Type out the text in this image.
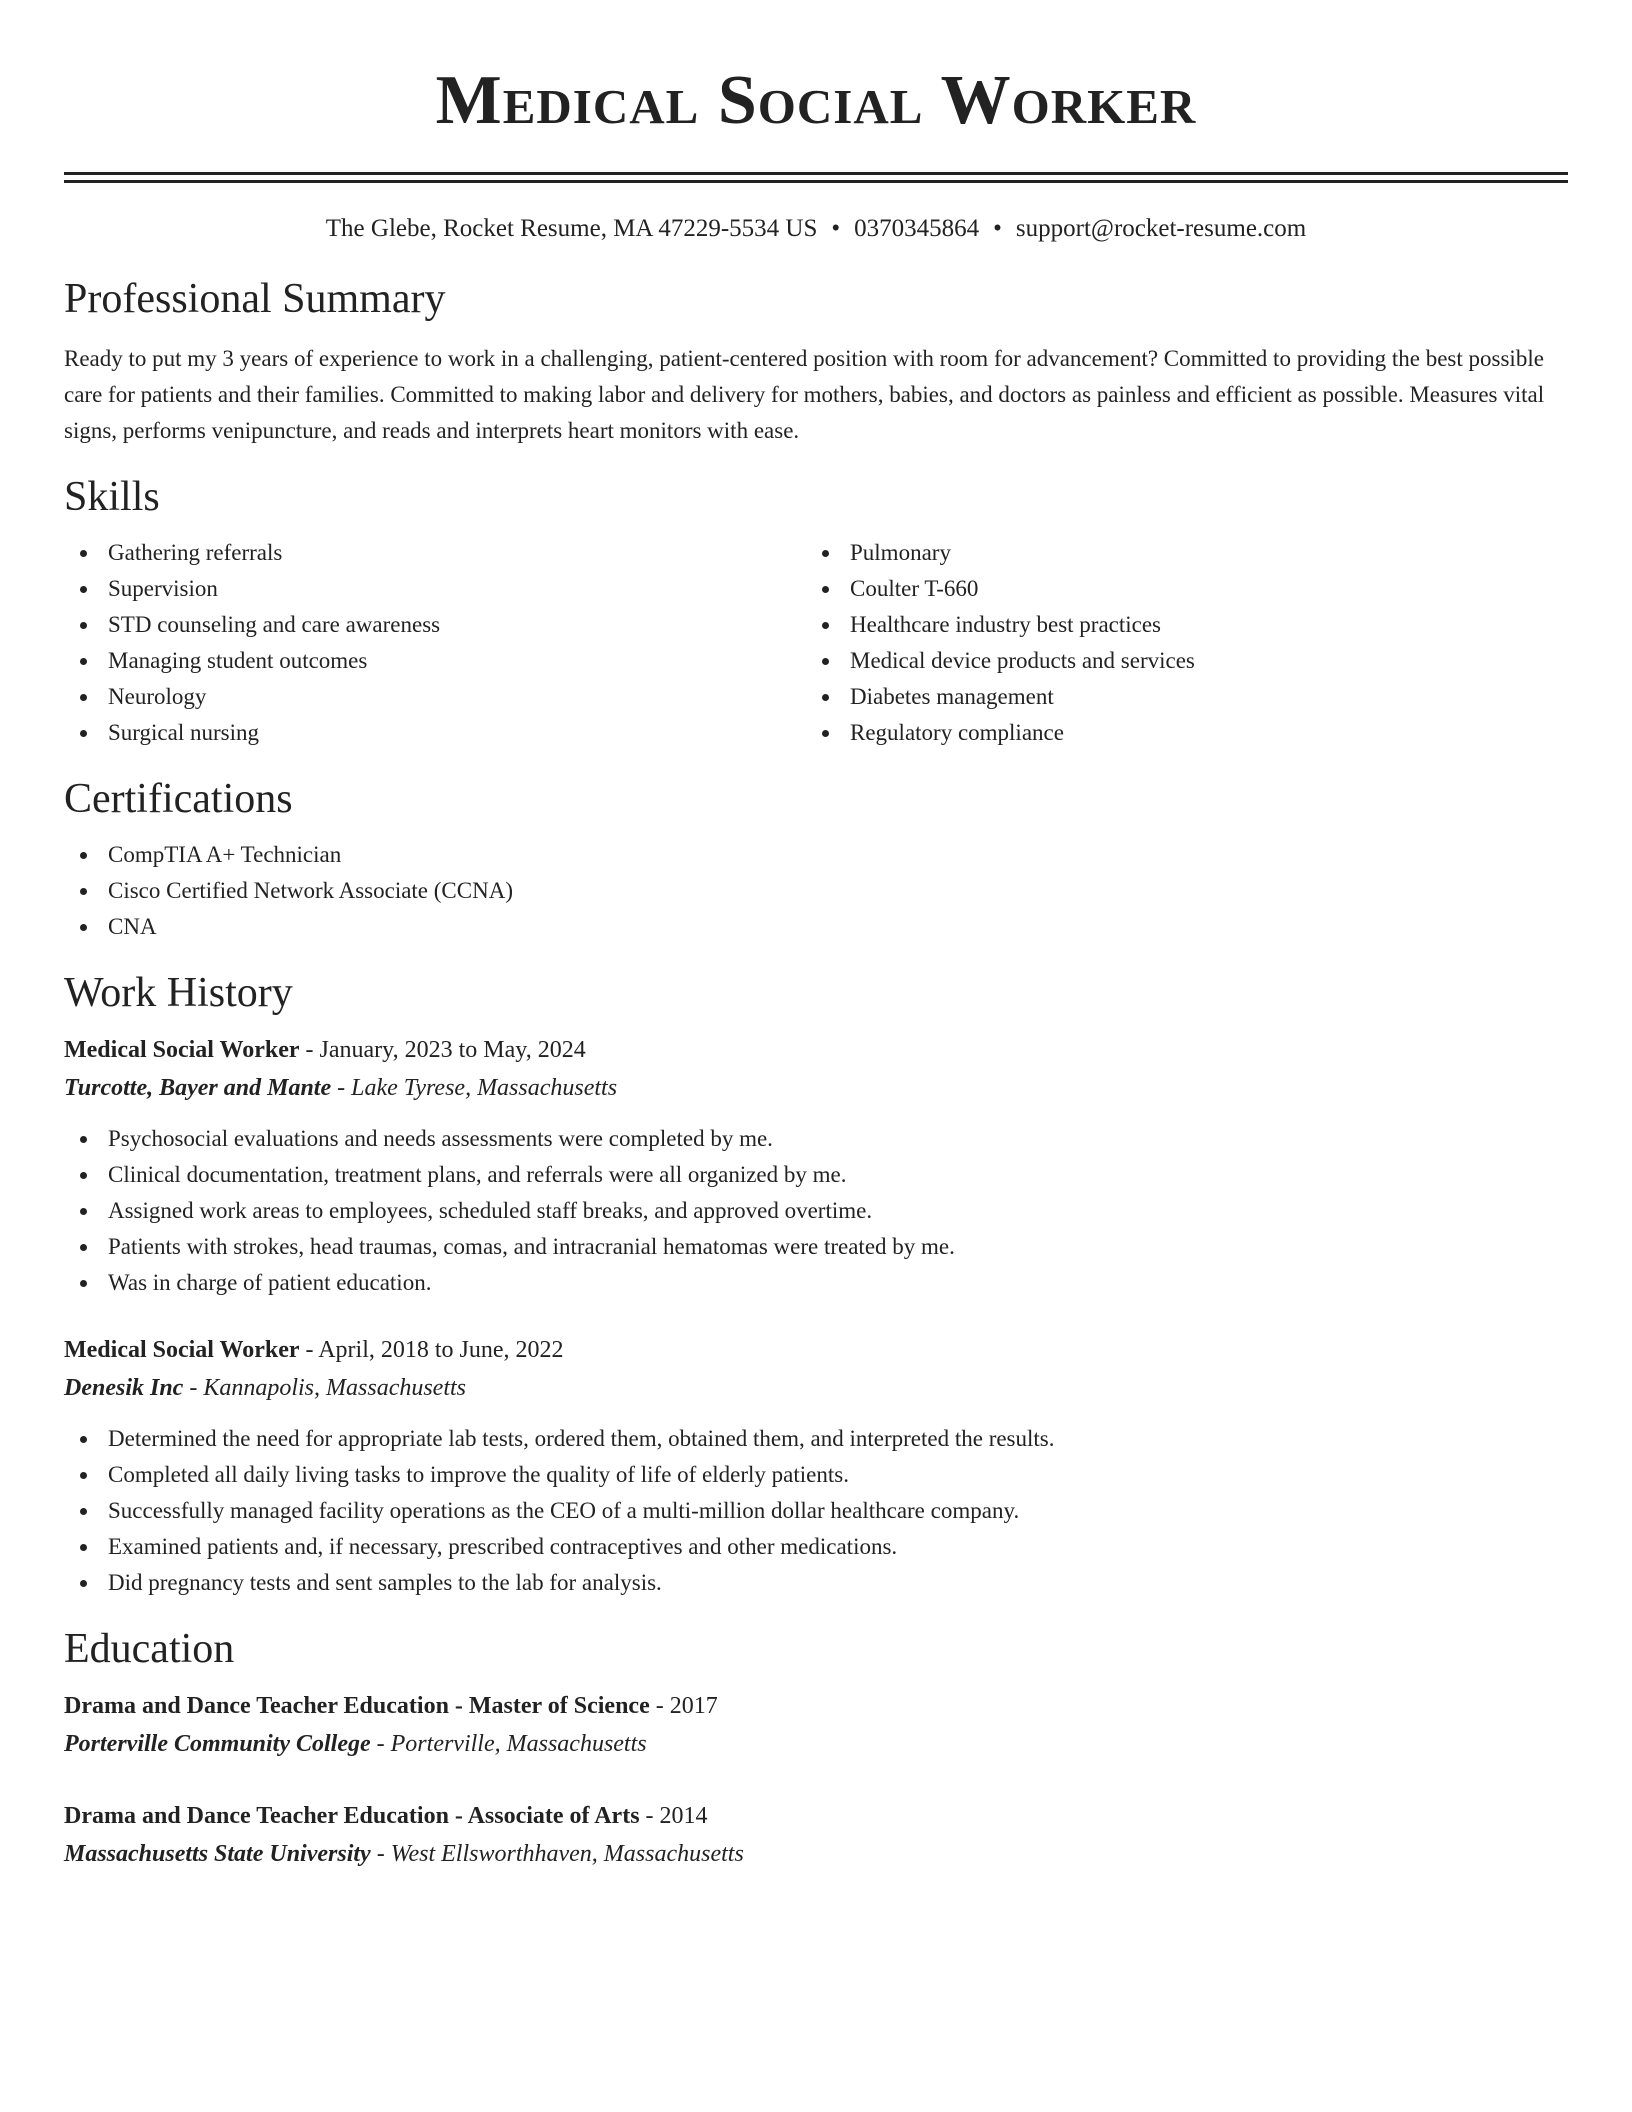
Medical Social Worker
The Glebe, Rocket Resume, MA 47229-5534 US • 0370345864 • support@rocket-resume.com
Professional Summary

Ready to put my 3 years of experience to work in a challenging, patient-centered position with room for advancement? Committed to providing the best possible care for patients and their families. Committed to making labor and delivery for mothers, babies, and doctors as painless and efficient as possible. Measures vital signs, performs venipuncture, and reads and interprets heart monitors with ease.

Skills
Gathering referrals
Supervision
STD counseling and care awareness
Managing student outcomes
Neurology
Surgical nursing
Pulmonary
Coulter T-660
Healthcare industry best practices
Medical device products and services
Diabetes management
Regulatory compliance
Certifications
CompTIA A+ Technician
Cisco Certified Network Associate (CCNA)
CNA
Work History
Medical Social Worker - January, 2023 to May, 2024
Turcotte, Bayer and Mante - Lake Tyrese, Massachusetts
Psychosocial evaluations and needs assessments were completed by me.
Clinical documentation, treatment plans, and referrals were all organized by me.
Assigned work areas to employees, scheduled staff breaks, and approved overtime.
Patients with strokes, head traumas, comas, and intracranial hematomas were treated by me.
Was in charge of patient education.
Medical Social Worker - April, 2018 to June, 2022
Denesik Inc - Kannapolis, Massachusetts
Determined the need for appropriate lab tests, ordered them, obtained them, and interpreted the results.
Completed all daily living tasks to improve the quality of life of elderly patients.
Successfully managed facility operations as the CEO of a multi-million dollar healthcare company.
Examined patients and, if necessary, prescribed contraceptives and other medications.
Did pregnancy tests and sent samples to the lab for analysis.
Education
Drama and Dance Teacher Education - Master of Science - 2017
Porterville Community College - Porterville, Massachusetts
Drama and Dance Teacher Education - Associate of Arts - 2014
Massachusetts State University - West Ellsworthhaven, Massachusetts
